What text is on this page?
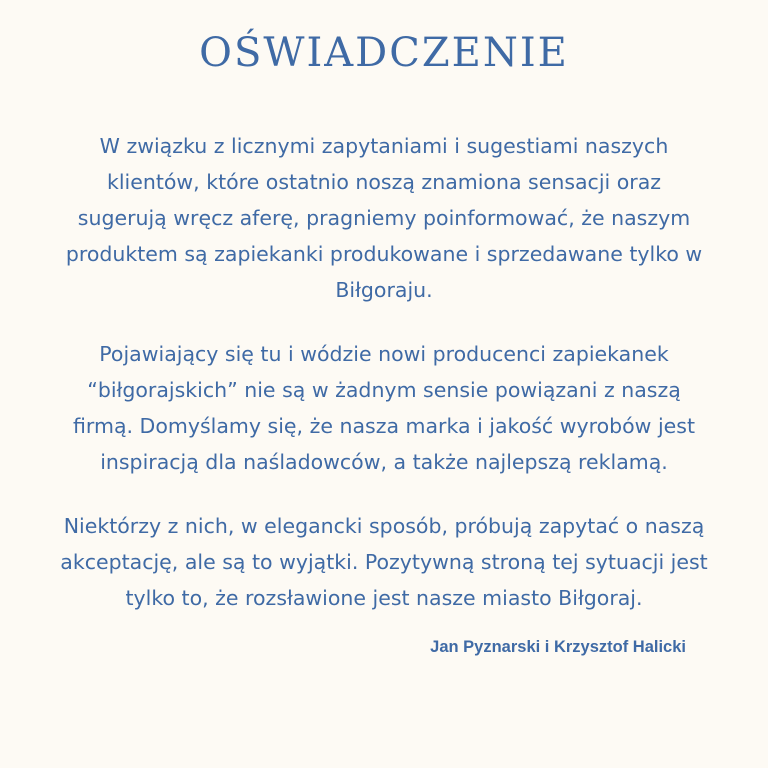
OŚWIADCZENIE

W związku z licznymi zapytaniami i sugestiami naszych
klientów, które ostatnio noszą znamiona sensacji oraz
sugerują wręcz aferę, pragniemy poinformować, że naszym
produktem są zapiekanki produkowane i sprzedawane tylko w
Biłgoraju.

Pojawiający się tu i wódzie nowi producenci zapiekanek
“biłgorajskich” nie są w żadnym sensie powiązani z naszą
firmą. Domyślamy się, że nasza marka i jakość wyrobów jest
inspiracją dla naśladowców, a także najlepszą reklamą.

Niektórzy z nich, w elegancki sposób, próbują zapytać o naszą
akceptację, ale są to wyjątki. Pozytywną stroną tej sytuacji jest
tylko to, że rozsławione jest nasze miasto Biłgoraj.

Jan Pyznarski i Krzysztof Halicki
